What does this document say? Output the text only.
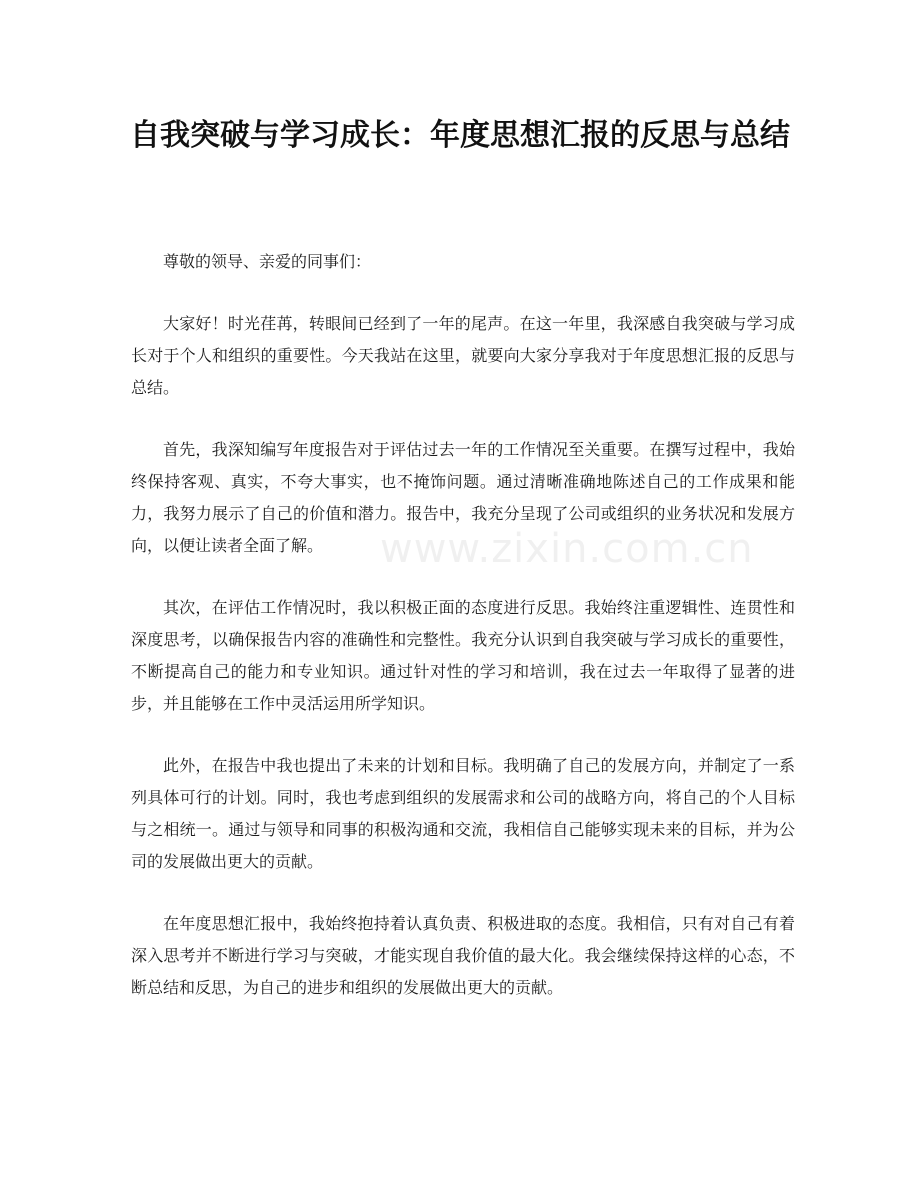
自我突破与学习成长：年度思想汇报的反思与总结

尊敬的领导、亲爱的同事们：

大家好！时光荏苒，转眼间已经到了一年的尾声。在这一年里，我深感自我突破与学习成长对于个人和组织的重要性。今天我站在这里，就要向大家分享我对于年度思想汇报的反思与总结。

首先，我深知编写年度报告对于评估过去一年的工作情况至关重要。在撰写过程中，我始终保持客观、真实，不夸大事实，也不掩饰问题。通过清晰准确地陈述自己的工作成果和能力，我努力展示了自己的价值和潜力。报告中，我充分呈现了公司或组织的业务状况和发展方向，以便让读者全面了解。

其次，在评估工作情况时，我以积极正面的态度进行反思。我始终注重逻辑性、连贯性和深度思考，以确保报告内容的准确性和完整性。我充分认识到自我突破与学习成长的重要性，不断提高自己的能力和专业知识。通过针对性的学习和培训，我在过去一年取得了显著的进步，并且能够在工作中灵活运用所学知识。

此外，在报告中我也提出了未来的计划和目标。我明确了自己的发展方向，并制定了一系列具体可行的计划。同时，我也考虑到组织的发展需求和公司的战略方向，将自己的个人目标与之相统一。通过与领导和同事的积极沟通和交流，我相信自己能够实现未来的目标，并为公司的发展做出更大的贡献。

在年度思想汇报中，我始终抱持着认真负责、积极进取的态度。我相信，只有对自己有着深入思考并不断进行学习与突破，才能实现自我价值的最大化。我会继续保持这样的心态，不断总结和反思，为自己的进步和组织的发展做出更大的贡献。

www.zixin.com.cn
